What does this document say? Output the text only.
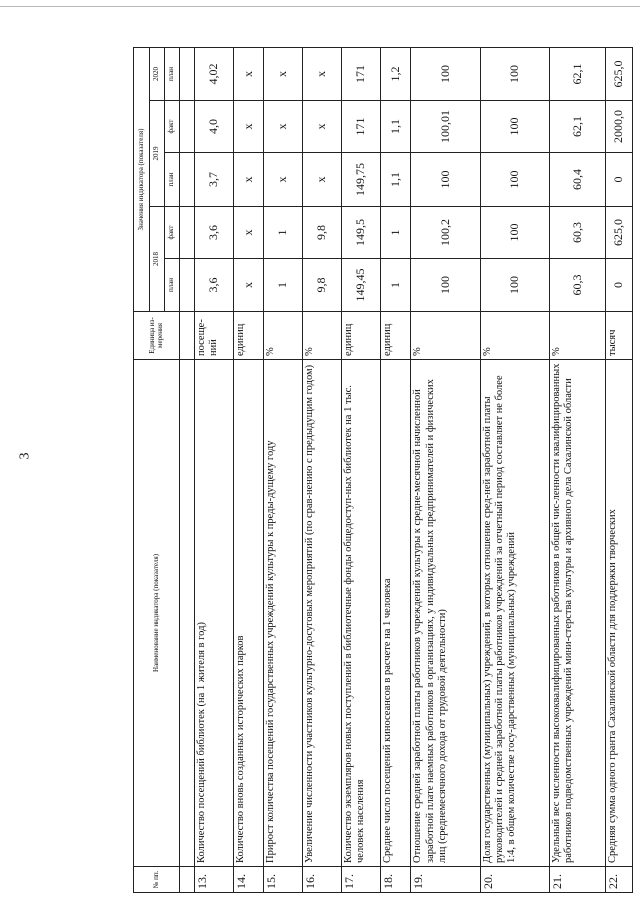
3
№ пп.	Наименование индикатора (показателя)	Единица из-мерения	Значения индикатора (показателя)				
			2018		2019		2020
			план	факт	план	факт	план

13.	Количество посещений библиотек (на 1 жителя в год)	посеще-ний	3,6	3,6	3,7	4,0	4,02
14.	Количество вновь созданных исторических парков	единиц	x	x	x	x	x
15.	Прирост количества посещений государственных учреждений культуры к преды-дущему году	%	1	1	x	x	x
16.	Увеличение численности участников культурно-досуговых мероприятий (по срав-нению с предыдущим годом)	%	9,8	9,8	x	x	x
17.	Количество экземпляров новых поступлений в библиотечные фонды общедоступ-ных библиотек на 1 тыс. человек населения	единиц	149,45	149,5	149,75	171	171
18.	Среднее число посещений киносеансов в расчете на 1 человека	единиц	1	1	1,1	1,1	1,2
19.	Отношение средней заработной платы работников учреждений культуры к средне-месячной начисленной заработной плате наемных работников в организациях, у индивидуальных предпринимателей и физических лиц (среднемесячного дохода от трудовой деятельности)	%	100	100,2	100	100,01	100
20.	Доля государственных (муниципальных) учреждений, в которых отношение сред-ней заработной платы руководителей и средней заработной платы работников учреждений за отчетный период составляет не более 1:4, в общем количестве госу-дарственных (муниципальных) учреждений	%	100	100	100	100	100
21.	Удельный вес численности высококвалифицированных работников в общей чис-ленности квалифицированных работников подведомственных учреждений мини-стерства культуры и архивного дела Сахалинской области	%	60,3	60,3	60,4	62,1	62,1
22.	Средняя сумма одного гранта Сахалинской области для поддержки творческих	тысяч	0	625,0	0	2000,0	625,0
